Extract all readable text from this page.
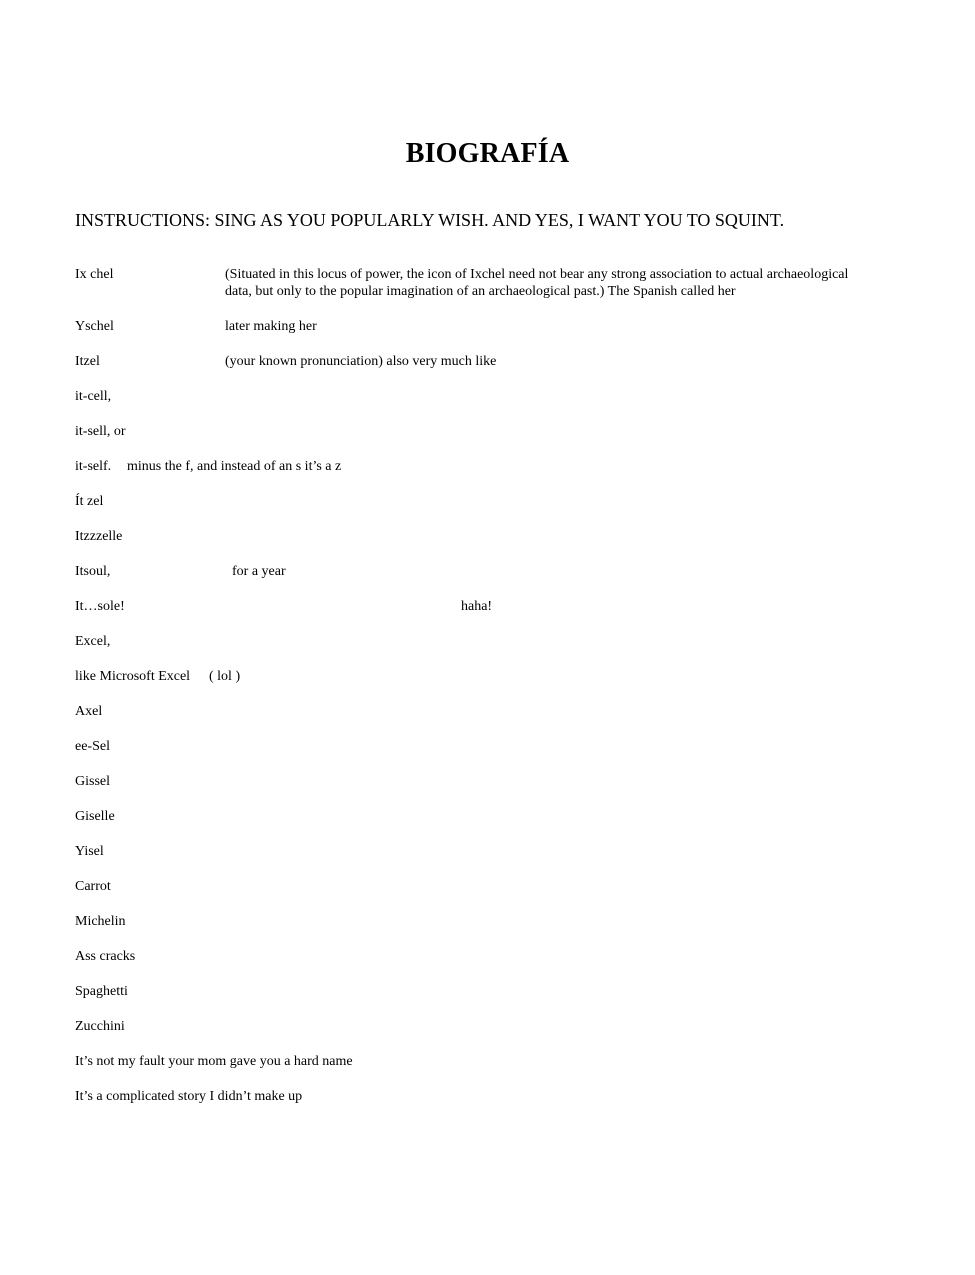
BIOGRAFÍA

INSTRUCTIONS: SING AS YOU POPULARLY WISH. AND YES, I WANT YOU TO SQUINT.

Ix chel	(Situated in this locus of power, the icon of Ixchel need not bear any strong association to actual archaeological data, but only to the popular imagination of an archaeological past.) The Spanish called her
Yschel	later making her
Itzel	(your known pronunciation) also very much like
it-cell,
it-sell, or
it-self. minus the f, and instead of an s it’s a z
Ít zel
Itzzzelle
Itsoul,	for a year
It…sole!	haha!
Excel,
like Microsoft Excel ( lol )
Axel
ee-Sel
Gissel
Giselle
Yisel
Carrot
Michelin
Ass cracks
Spaghetti
Zucchini
It’s not my fault your mom gave you a hard name
It’s a complicated story I didn’t make up
